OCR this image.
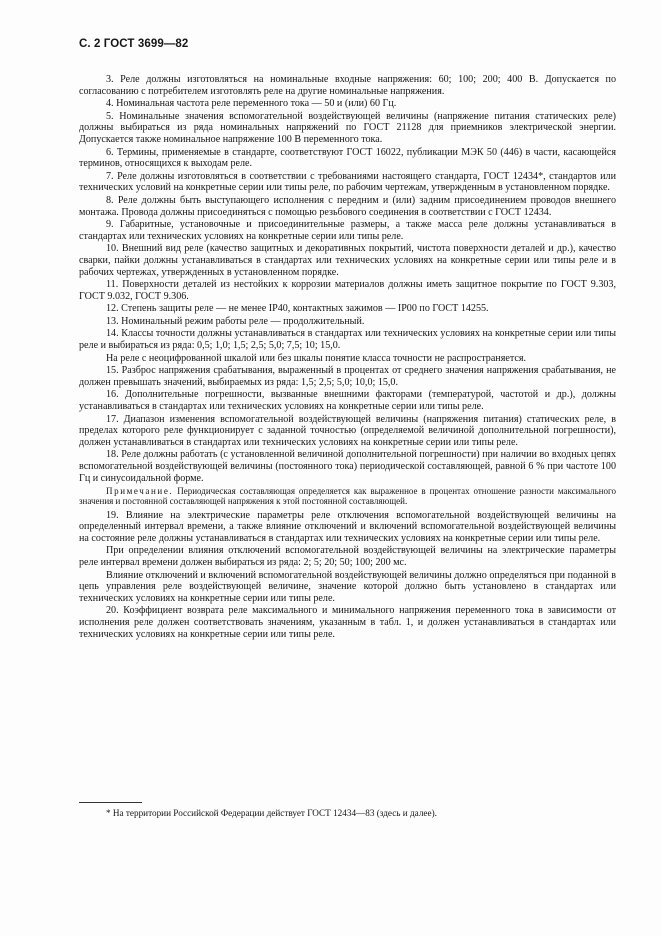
С. 2 ГОСТ 3699—82

3. Реле должны изготовляться на номинальные входные напряжения: 60; 100; 200; 400 В. Допускается по согласованию с потребителем изготовлять реле на другие номинальные напряжения.

4. Номинальная частота реле переменного тока — 50 и (или) 60 Гц.

5. Номинальные значения вспомогательной воздействующей величины (напряжение питания статических реле) должны выбираться из ряда номинальных напряжений по ГОСТ 21128 для приемников электрической энергии. Допускается также номинальное напряжение 100 В переменного тока.

6. Термины, применяемые в стандарте, соответствуют ГОСТ 16022, публикации МЭК 50 (446) в части, касающейся терминов, относящихся к выходам реле.

7. Реле должны изготовляться в соответствии с требованиями настоящего стандарта, ГОСТ 12434*, стандартов или технических условий на конкретные серии или типы реле, по рабочим чертежам, утвержденным в установленном порядке.

8. Реле должны быть выступающего исполнения с передним и (или) задним присоединением проводов внешнего монтажа. Провода должны присоединяться с помощью резьбового соединения в соответствии с ГОСТ 12434.

9. Габаритные, установочные и присоединительные размеры, а также масса реле должны устанавливаться в стандартах или технических условиях на конкретные серии или типы реле.

10. Внешний вид реле (качество защитных и декоративных покрытий, чистота поверхности деталей и др.), качество сварки, пайки должны устанавливаться в стандартах или технических условиях на конкретные серии или типы реле и в рабочих чертежах, утвержденных в установленном порядке.

11. Поверхности деталей из нестойких к коррозии материалов должны иметь защитное покрытие по ГОСТ 9.303, ГОСТ 9.032, ГОСТ 9.306.

12. Степень защиты реле — не менее IP40, контактных зажимов — IP00 по ГОСТ 14255.

13. Номинальный режим работы реле — продолжительный.

14. Классы точности должны устанавливаться в стандартах или технических условиях на конкретные серии или типы реле и выбираться из ряда: 0,5; 1,0; 1,5; 2,5; 5,0; 7,5; 10; 15,0.

На реле с неоцифрованной шкалой или без шкалы понятие класса точности не распространяется.

15. Разброс напряжения срабатывания, выраженный в процентах от среднего значения напряжения срабатывания, не должен превышать значений, выбираемых из ряда: 1,5; 2,5; 5,0; 10,0; 15,0.

16. Дополнительные погрешности, вызванные внешними факторами (температурой, частотой и др.), должны устанавливаться в стандартах или технических условиях на конкретные серии или типы реле.

17. Диапазон изменения вспомогательной воздействующей величины (напряжения питания) статических реле, в пределах которого реле функционирует с заданной точностью (определяемой величиной дополнительной погрешности), должен устанавливаться в стандартах или технических условиях на конкретные серии или типы реле.

18. Реле должны работать (с установленной величиной дополнительной погрешности) при наличии во входных цепях вспомогательной воздействующей величины (постоянного тока) периодической составляющей, равной 6 % при частоте 100 Гц и синусоидальной форме.

Примечание. Периодическая составляющая определяется как выраженное в процентах отношение разности максимального значения и постоянной составляющей напряжения к этой постоянной составляющей.

19. Влияние на электрические параметры реле отключения вспомогательной воздействующей величины на определенный интервал времени, а также влияние отключений и включений вспомогательной воздействующей величины на состояние реле должны устанавливаться в стандартах или технических условиях на конкретные серии или типы реле.

При определении влияния отключений вспомогательной воздействующей величины на электрические параметры реле интервал времени должен выбираться из ряда: 2; 5; 20; 50; 100; 200 мс.

Влияние отключений и включений вспомогательной воздействующей величины должно определяться при поданной в цепь управления реле воздействующей величине, значение которой должно быть установлено в стандартах или технических условиях на конкретные серии или типы реле.

20. Коэффициент возврата реле максимального и минимального напряжения переменного тока в зависимости от исполнения реле должен соответствовать значениям, указанным в табл. 1, и должен устанавливаться в стандартах или технических условиях на конкретные серии или типы реле.

* На территории Российской Федерации действует ГОСТ 12434—83 (здесь и далее).
